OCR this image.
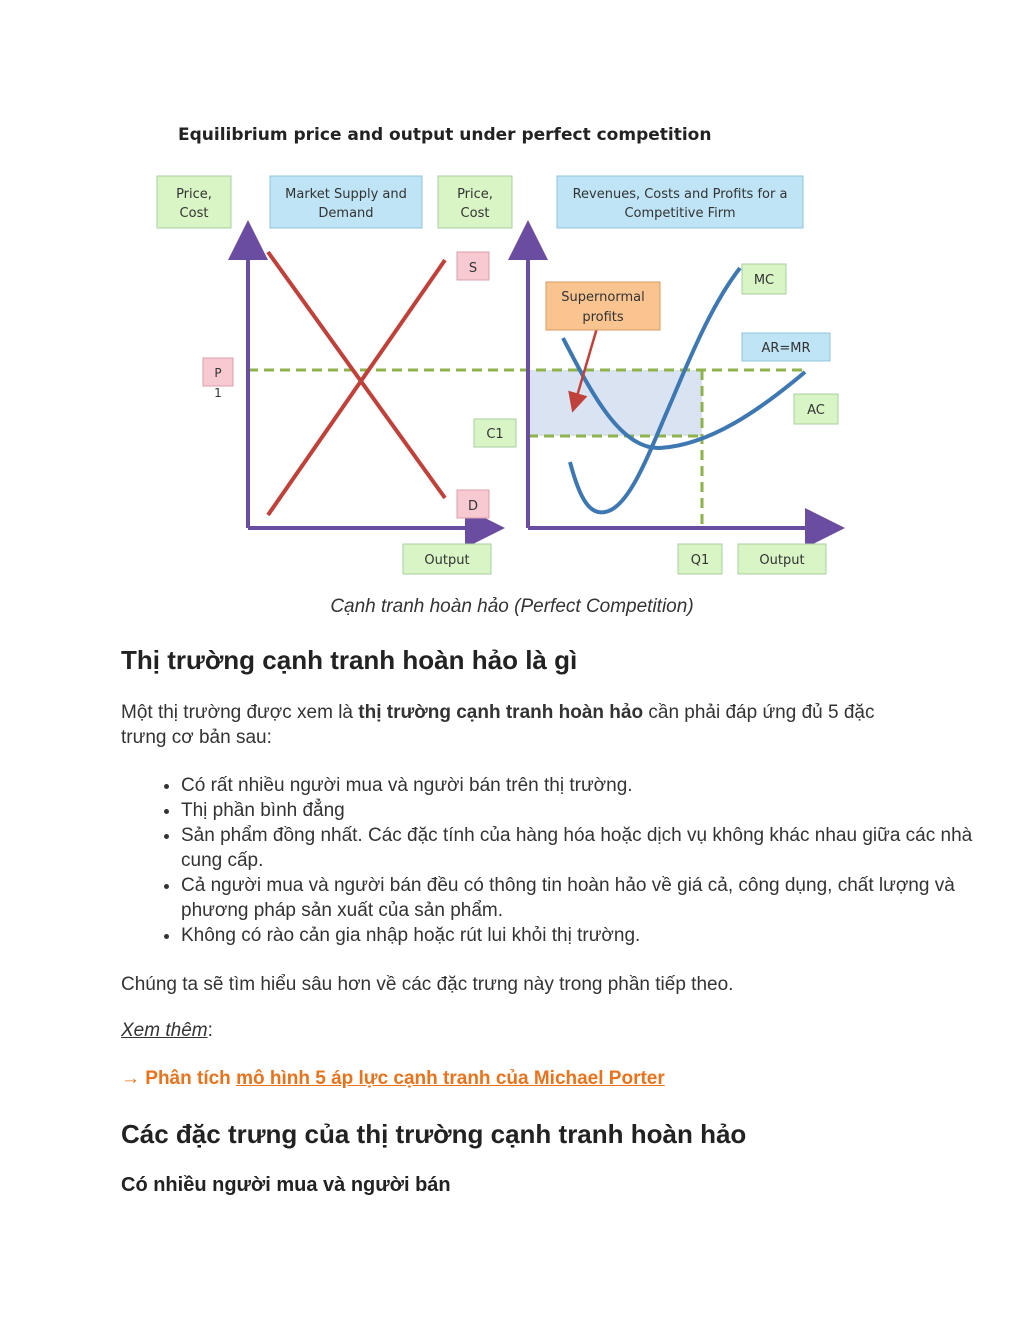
Equilibrium price and output under perfect competition
Price,
Cost
Market Supply and
Demand
Price,
Cost
Revenues, Costs and Profits for a
Competitive Firm
S
D
P
1
C1
Supernormal
profits
MC
AR=MR
AC
Output	Q1	Output
Cạnh tranh hoàn hảo (Perfect Competition)
Thị trường cạnh tranh hoàn hảo là gì

Một thị trường được xem là thị trường cạnh tranh hoàn hảo cần phải đáp ứng đủ 5 đặc trưng cơ bản sau:

• Có rất nhiều người mua và người bán trên thị trường.
• Thị phần bình đẳng
• Sản phẩm đồng nhất. Các đặc tính của hàng hóa hoặc dịch vụ không khác nhau giữa các nhà cung cấp.
• Cả người mua và người bán đều có thông tin hoàn hảo về giá cả, công dụng, chất lượng và phương pháp sản xuất của sản phẩm.
• Không có rào cản gia nhập hoặc rút lui khỏi thị trường.

Chúng ta sẽ tìm hiểu sâu hơn về các đặc trưng này trong phần tiếp theo.

Xem thêm:
→ Phân tích mô hình 5 áp lực cạnh tranh của Michael Porter
Các đặc trưng của thị trường cạnh tranh hoàn hảo
Có nhiều người mua và người bán
